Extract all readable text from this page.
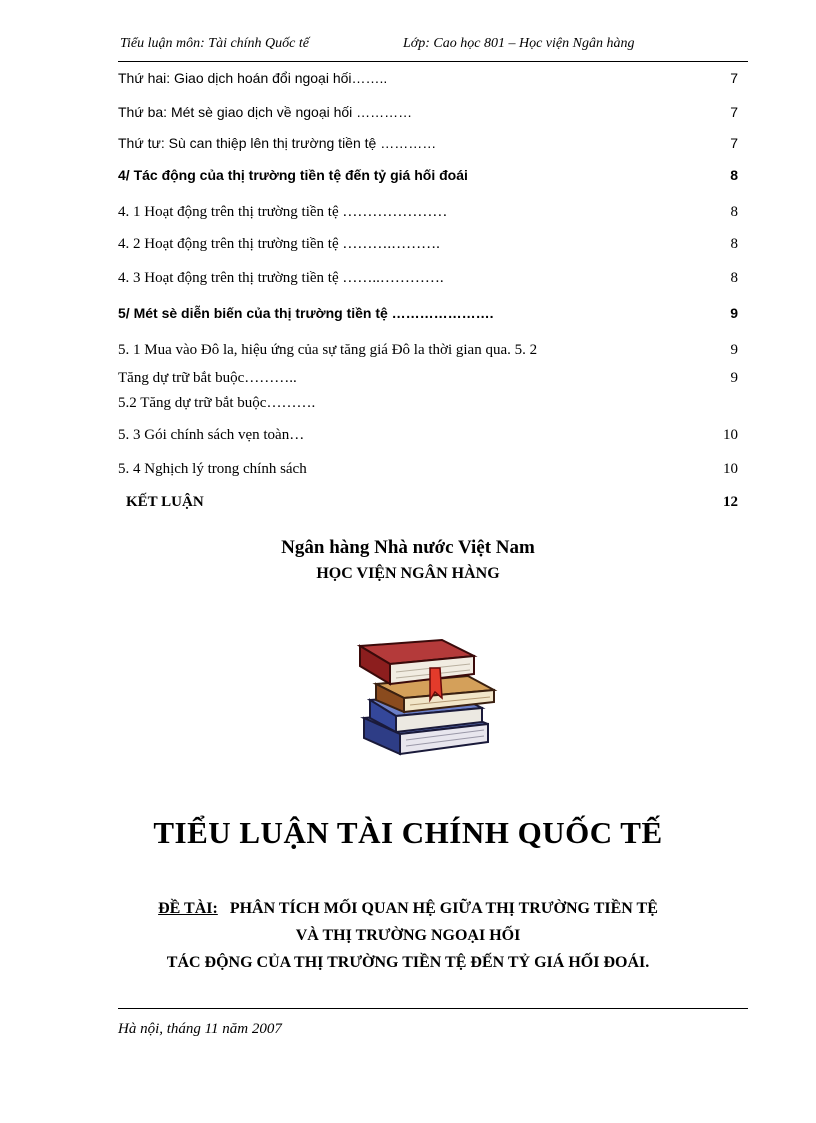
Tiểu luận môn: Tài chính Quốc tế	Lớp: Cao học 801 – Học viện Ngân hàng
Thứ hai: Giao dịch hoán đổi ngoại hối……..	7
Thứ ba: Mét sè giao dịch về ngoại hối …………	7
Thứ tư: Sù can thiệp lên thị trường tiền tệ …………	7
4/ Tác động của thị trường tiền tệ đến tỷ giá hối đoái	8
4. 1 Hoạt động trên thị trường tiền tệ …………………	8
4. 2 Hoạt động trên thị trường tiền tệ ……….……….	8
4. 3 Hoạt động trên thị trường tiền tệ ……..………….	8
5/ Mét sè diễn biến của thị trường tiền tệ ………………….	9
5. 1 Mua vào Đô la, hiệu ứng của sự tăng giá Đô la thời gian qua. 5. 2	9
Tăng dự trữ bắt buộc………..	9
5.2 Tăng dự trữ bắt buộc……….
5. 3 Gói chính sách vẹn toàn…	10
5. 4 Nghịch lý trong chính sách	10
KẾT LUẬN	12
Ngân hàng Nhà nước Việt Nam
HỌC VIỆN NGÂN HÀNG
TIỂU LUẬN TÀI CHÍNH QUỐC TẾ
ĐỀ TÀI: PHÂN TÍCH MỐI QUAN HỆ GIỮA THỊ TRƯỜNG TIỀN TỆ
VÀ THỊ TRƯỜNG NGOẠI HỐI
TÁC ĐỘNG CỦA THỊ TRƯỜNG TIỀN TỆ ĐẾN TỶ GIÁ HỐI ĐOÁI.
Hà nội, tháng 11 năm 2007
